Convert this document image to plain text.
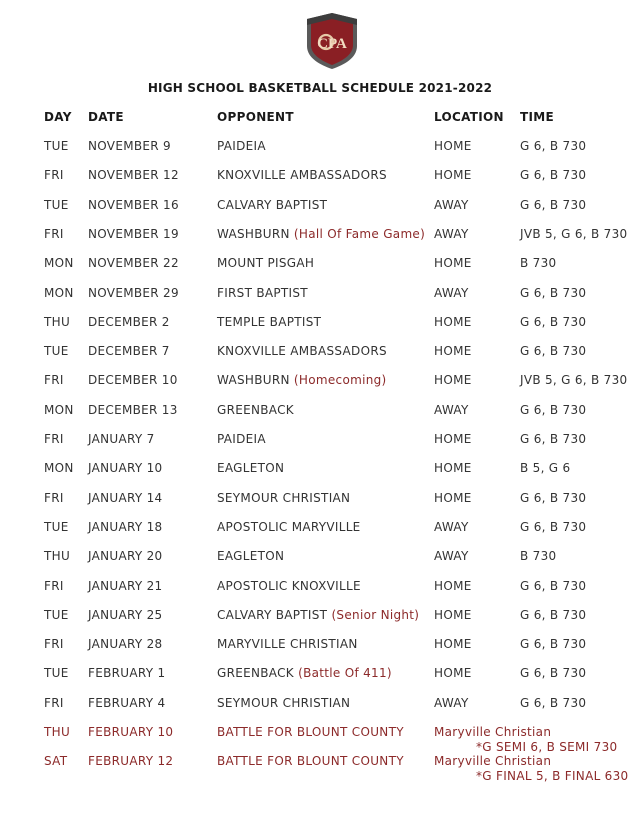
CPA
HIGH SCHOOL BASKETBALL SCHEDULE 2021-2022
DAY DATE	OPPONENT	LOCATION TIME
TUE NOVEMBER 9	PAIDEIA	HOME	G 6, B 730
FRI NOVEMBER 12	KNOXVILLE AMBASSADORS	HOME	G 6, B 730
TUE NOVEMBER 16	CALVARY BAPTIST	AWAY	G 6, B 730
FRI NOVEMBER 19	WASHBURN (Hall Of Fame Game) AWAY	JVB 5, G 6, B 730
MON NOVEMBER 22	MOUNT PISGAH	HOME	B 730
MON NOVEMBER 29	FIRST BAPTIST	AWAY	G 6, B 730
THU DECEMBER 2	TEMPLE BAPTIST	HOME	G 6, B 730
TUE DECEMBER 7	KNOXVILLE AMBASSADORS	HOME	G 6, B 730
FRI DECEMBER 10	WASHBURN (Homecoming)	HOME	JVB 5, G 6, B 730
MON DECEMBER 13	GREENBACK	AWAY	G 6, B 730
FRI JANUARY 7	PAIDEIA	HOME	G 6, B 730
MON JANUARY 10	EAGLETON	HOME	B 5, G 6
FRI JANUARY 14	SEYMOUR CHRISTIAN	HOME	G 6, B 730
TUE JANUARY 18	APOSTOLIC MARYVILLE	AWAY	G 6, B 730
THU JANUARY 20	EAGLETON	AWAY	B 730
FRI JANUARY 21	APOSTOLIC KNOXVILLE	HOME	G 6, B 730
TUE JANUARY 25	CALVARY BAPTIST (Senior Night) HOME	G 6, B 730
FRI JANUARY 28	MARYVILLE CHRISTIAN	HOME	G 6, B 730
TUE FEBRUARY 1	GREENBACK (Battle Of 411)	HOME	G 6, B 730
FRI FEBRUARY 4	SEYMOUR CHRISTIAN	AWAY	G 6, B 730
THU FEBRUARY 10	BATTLE FOR BLOUNT COUNTY	Maryville Christian
*G SEMI 6, B SEMI 730
SAT FEBRUARY 12	BATTLE FOR BLOUNT COUNTY	Maryville Christian
*G FINAL 5, B FINAL 630
